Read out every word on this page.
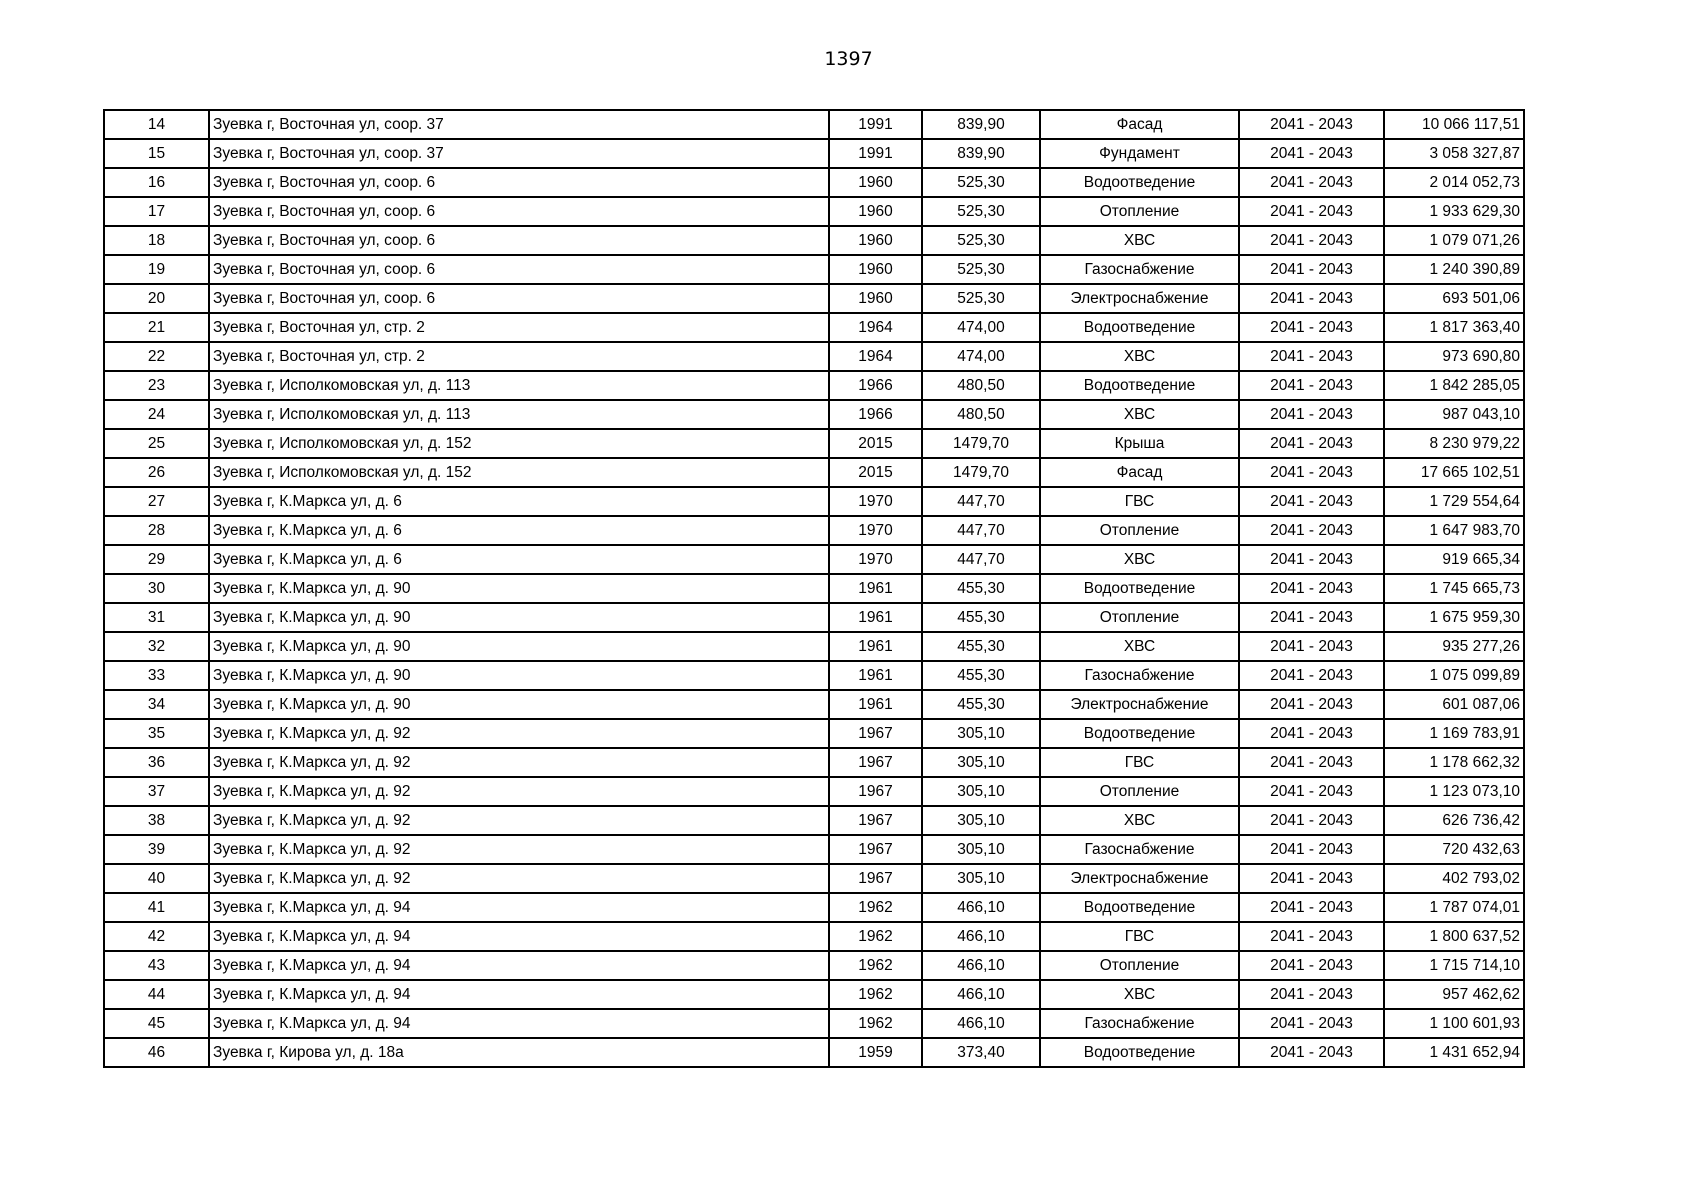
1397
14	Зуевка г, Восточная ул, соор. 37	1991	839,90	Фасад	2041 - 2043	10 066 117,51
15	Зуевка г, Восточная ул, соор. 37	1991	839,90	Фундамент	2041 - 2043	3 058 327,87
16	Зуевка г, Восточная ул, соор. 6	1960	525,30	Водоотведение	2041 - 2043	2 014 052,73
17	Зуевка г, Восточная ул, соор. 6	1960	525,30	Отопление	2041 - 2043	1 933 629,30
18	Зуевка г, Восточная ул, соор. 6	1960	525,30	ХВС	2041 - 2043	1 079 071,26
19	Зуевка г, Восточная ул, соор. 6	1960	525,30	Газоснабжение	2041 - 2043	1 240 390,89
20	Зуевка г, Восточная ул, соор. 6	1960	525,30	Электроснабжение	2041 - 2043	693 501,06
21	Зуевка г, Восточная ул, стр. 2	1964	474,00	Водоотведение	2041 - 2043	1 817 363,40
22	Зуевка г, Восточная ул, стр. 2	1964	474,00	ХВС	2041 - 2043	973 690,80
23	Зуевка г, Исполкомовская ул, д. 113	1966	480,50	Водоотведение	2041 - 2043	1 842 285,05
24	Зуевка г, Исполкомовская ул, д. 113	1966	480,50	ХВС	2041 - 2043	987 043,10
25	Зуевка г, Исполкомовская ул, д. 152	2015	1479,70	Крыша	2041 - 2043	8 230 979,22
26	Зуевка г, Исполкомовская ул, д. 152	2015	1479,70	Фасад	2041 - 2043	17 665 102,51
27	Зуевка г, К.Маркса ул, д. 6	1970	447,70	ГВС	2041 - 2043	1 729 554,64
28	Зуевка г, К.Маркса ул, д. 6	1970	447,70	Отопление	2041 - 2043	1 647 983,70
29	Зуевка г, К.Маркса ул, д. 6	1970	447,70	ХВС	2041 - 2043	919 665,34
30	Зуевка г, К.Маркса ул, д. 90	1961	455,30	Водоотведение	2041 - 2043	1 745 665,73
31	Зуевка г, К.Маркса ул, д. 90	1961	455,30	Отопление	2041 - 2043	1 675 959,30
32	Зуевка г, К.Маркса ул, д. 90	1961	455,30	ХВС	2041 - 2043	935 277,26
33	Зуевка г, К.Маркса ул, д. 90	1961	455,30	Газоснабжение	2041 - 2043	1 075 099,89
34	Зуевка г, К.Маркса ул, д. 90	1961	455,30	Электроснабжение	2041 - 2043	601 087,06
35	Зуевка г, К.Маркса ул, д. 92	1967	305,10	Водоотведение	2041 - 2043	1 169 783,91
36	Зуевка г, К.Маркса ул, д. 92	1967	305,10	ГВС	2041 - 2043	1 178 662,32
37	Зуевка г, К.Маркса ул, д. 92	1967	305,10	Отопление	2041 - 2043	1 123 073,10
38	Зуевка г, К.Маркса ул, д. 92	1967	305,10	ХВС	2041 - 2043	626 736,42
39	Зуевка г, К.Маркса ул, д. 92	1967	305,10	Газоснабжение	2041 - 2043	720 432,63
40	Зуевка г, К.Маркса ул, д. 92	1967	305,10	Электроснабжение	2041 - 2043	402 793,02
41	Зуевка г, К.Маркса ул, д. 94	1962	466,10	Водоотведение	2041 - 2043	1 787 074,01
42	Зуевка г, К.Маркса ул, д. 94	1962	466,10	ГВС	2041 - 2043	1 800 637,52
43	Зуевка г, К.Маркса ул, д. 94	1962	466,10	Отопление	2041 - 2043	1 715 714,10
44	Зуевка г, К.Маркса ул, д. 94	1962	466,10	ХВС	2041 - 2043	957 462,62
45	Зуевка г, К.Маркса ул, д. 94	1962	466,10	Газоснабжение	2041 - 2043	1 100 601,93
46	Зуевка г, Кирова ул, д. 18а	1959	373,40	Водоотведение	2041 - 2043	1 431 652,94
